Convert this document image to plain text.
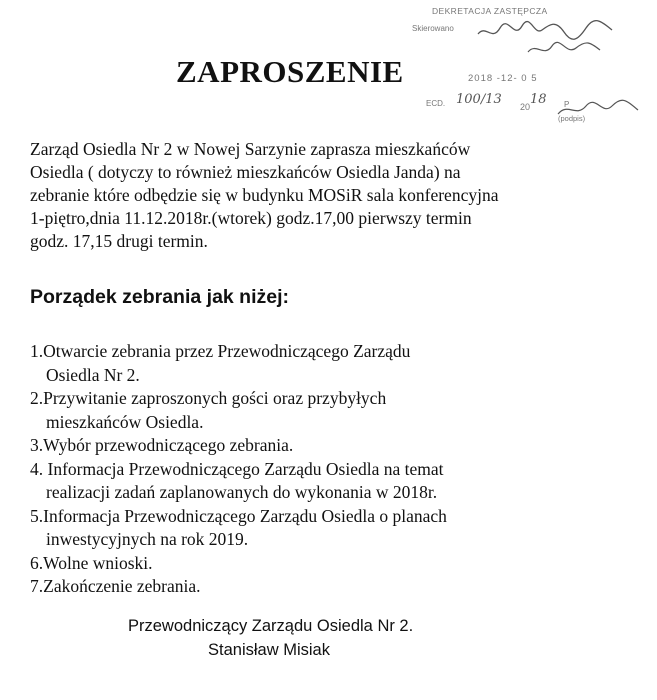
DEKRETACJA ZASTĘPCZA
Skierowano
2018 -12- 0 5
ECD. 100/13 20 18 P
(podpis)
ZAPROSZENIE
Zarząd Osiedla Nr 2 w Nowej Sarzynie zaprasza mieszkańców
Osiedla ( dotyczy to również mieszkańców Osiedla Janda) na
zebranie które odbędzie się w budynku MOSiR sala konferencyjna
1-piętro,dnia 11.12.2018r.(wtorek) godz.17,00 pierwszy termin
godz. 17,15 drugi termin.
Porządek zebrania jak niżej:
1.Otwarcie zebrania przez Przewodniczącego Zarządu
Osiedla Nr 2.
2.Przywitanie zaproszonych gości oraz przybyłych
mieszkańców Osiedla.
3.Wybór przewodniczącego zebrania.
4. Informacja Przewodniczącego Zarządu Osiedla na temat
realizacji zadań zaplanowanych do wykonania w 2018r.
5.Informacja Przewodniczącego Zarządu Osiedla o planach
inwestycyjnych na rok 2019.
6.Wolne wnioski.
7.Zakończenie zebrania.
Przewodniczący Zarządu Osiedla Nr 2.
Stanisław Misiak
